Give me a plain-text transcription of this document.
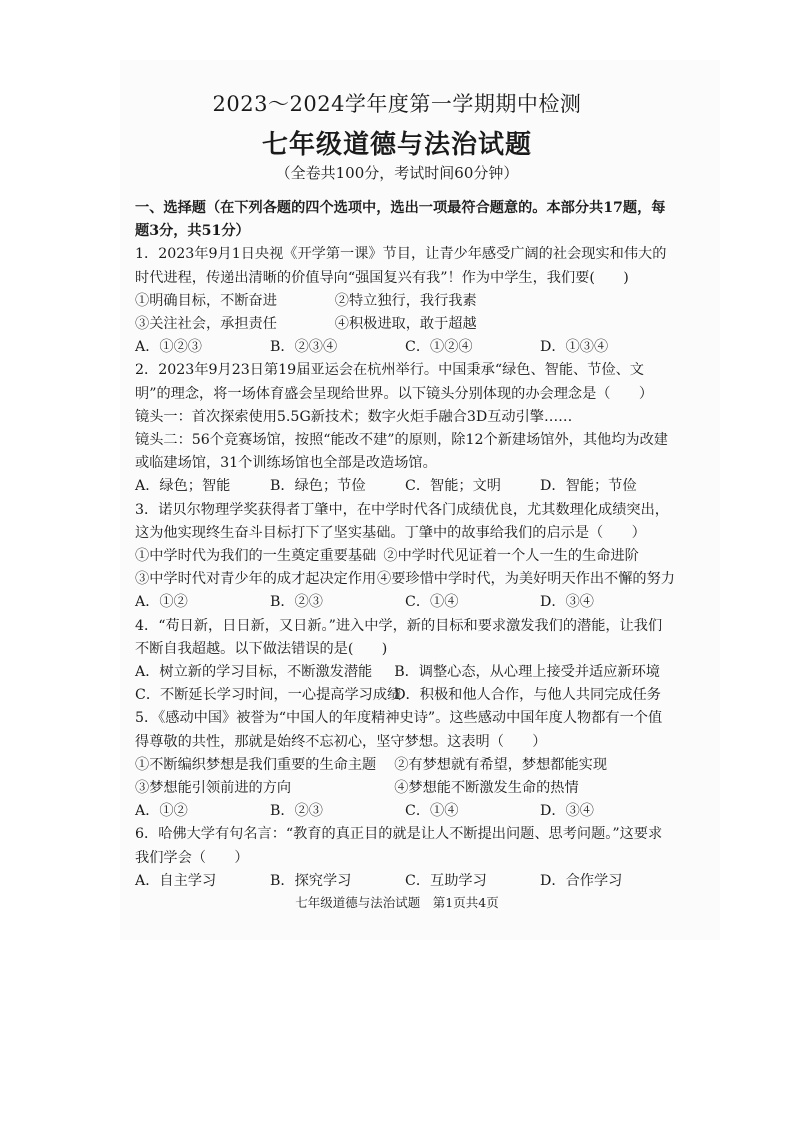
2023～2024学年度第一学期期中检测
七年级道德与法治试题
（全卷共100分，考试时间60分钟）
一、选择题（在下列各题的四个选项中，选出一项最符合题意的。本部分共17题，每题3分，共51分）
1．2023年9月1日央视《开学第一课》节目，让青少年感受广阔的社会现实和伟大的时代进程，传递出清晰的价值导向“强国复兴有我”！作为中学生，我们要(　　)
①明确目标，不断奋进	②特立独行，我行我素
③关注社会，承担责任	④积极进取，敢于超越
A．①②③	B．②③④	C．①②④	D．①③④
2．2023年9月23日第19届亚运会在杭州举行。中国秉承“绿色、智能、节俭、文明”的理念，将一场体育盛会呈现给世界。以下镜头分别体现的办会理念是（　　）
镜头一：首次探索使用5.5G新技术；数字火炬手融合3D互动引擎……
镜头二：56个竞赛场馆，按照“能改不建”的原则，除12个新建场馆外，其他均为改建或临建场馆，31个训练场馆也全部是改造场馆。
A．绿色；智能	B．绿色；节俭	C．智能；文明	D．智能；节俭
3．诺贝尔物理学奖获得者丁肇中，在中学时代各门成绩优良，尤其数理化成绩突出，这为他实现终生奋斗目标打下了坚实基础。丁肇中的故事给我们的启示是（　　）
①中学时代为我们的一生奠定重要基础 ②中学时代见证着一个人一生的生命进阶
③中学时代对青少年的成才起决定作用 ④要珍惜中学时代，为美好明天作出不懈的努力
A．①②	B．②③	C．①④	D．③④
4．“苟日新，日日新，又日新。”进入中学，新的目标和要求激发我们的潜能，让我们不断自我超越。以下做法错误的是(　　)
A．树立新的学习目标，不断激发潜能	B．调整心态，从心理上接受并适应新环境
C．不断延长学习时间，一心提高学习成绩
D．积极和他人合作，与他人共同完成任务
5．《感动中国》被誉为“中国人的年度精神史诗”。这些感动中国年度人物都有一个值得尊敬的共性，那就是始终不忘初心，坚守梦想。这表明（　　）
①不断编织梦想是我们重要的生命主题	②有梦想就有希望，梦想都能实现
③梦想能引领前进的方向	④梦想能不断激发生命的热情
A．①②	B．②③	C．①④	D．③④
6．哈佛大学有句名言：“教育的真正目的就是让人不断提出问题、思考问题。”这要求我们学会（　　）
A．自主学习	B．探究学习	C．互助学习	D．合作学习
七年级道德与法治试题　第1页共4页
